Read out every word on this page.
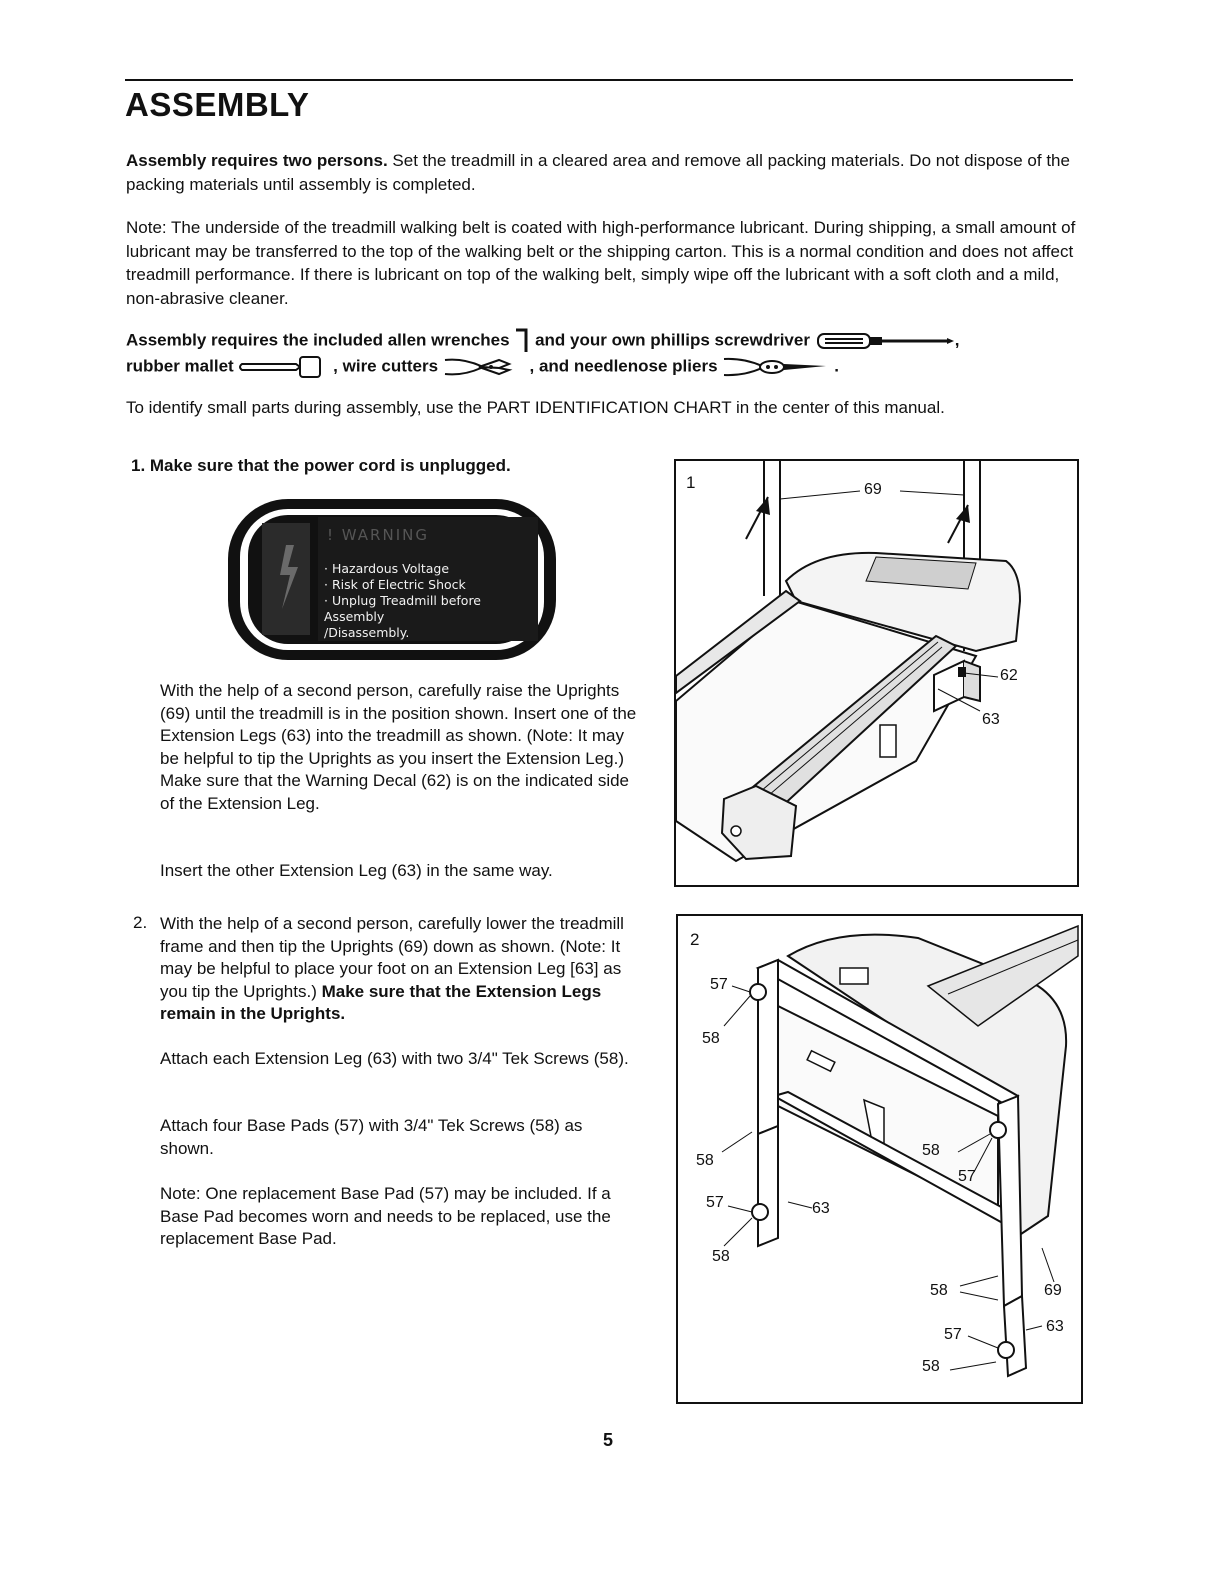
ASSEMBLY
Assembly requires two persons. Set the treadmill in a cleared area and remove all packing materials. Do not dispose of the packing materials until assembly is completed.
Note: The underside of the treadmill walking belt is coated with high-performance lubricant. During shipping, a small amount of lubricant may be transferred to the top of the walking belt or the shipping carton. This is a normal condition and does not affect treadmill performance. If there is lubricant on top of the walking belt, simply wipe off the lubricant with a soft cloth and a mild, non-abrasive cleaner.
Assembly requires the included allen wrenches and your own phillips screwdriver	,
rubber mallet	, wire cutters	, and needlenose pliers	.
To identify small parts during assembly, use the PART IDENTIFICATION CHART in the center of this manual.
1. Make sure that the power cord is unplugged.
! WARNING
· Hazardous Voltage
· Risk of Electric Shock
· Unplug Treadmill before Assembly
/Disassembly.
With the help of a second person, carefully raise the Uprights (69) until the treadmill is in the position shown. Insert one of the Extension Legs (63) into the treadmill as shown. (Note: It may be helpful to tip the Uprights as you insert the Extension Leg.) Make sure that the Warning Decal (62) is on the indicated side of the Extension Leg.
Insert the other Extension Leg (63) in the same way.
1	69
62
63
2. With the help of a second person, carefully lower the treadmill frame and then tip the Uprights (69) down as shown. (Note: It may be helpful to place your foot on an Extension Leg [63] as you tip the Uprights.) Make sure that the Extension Legs remain in the Uprights.
Attach each Extension Leg (63) with two 3/4" Tek Screws (58).
Attach four Base Pads (57) with 3/4" Tek Screws (58) as shown.
Note: One replacement Base Pad (57) may be included. If a Base Pad becomes worn and needs to be replaced, use the replacement Base Pad.
2
57
58
58
57	63
58
58
57
58	69
63
57
58
5
